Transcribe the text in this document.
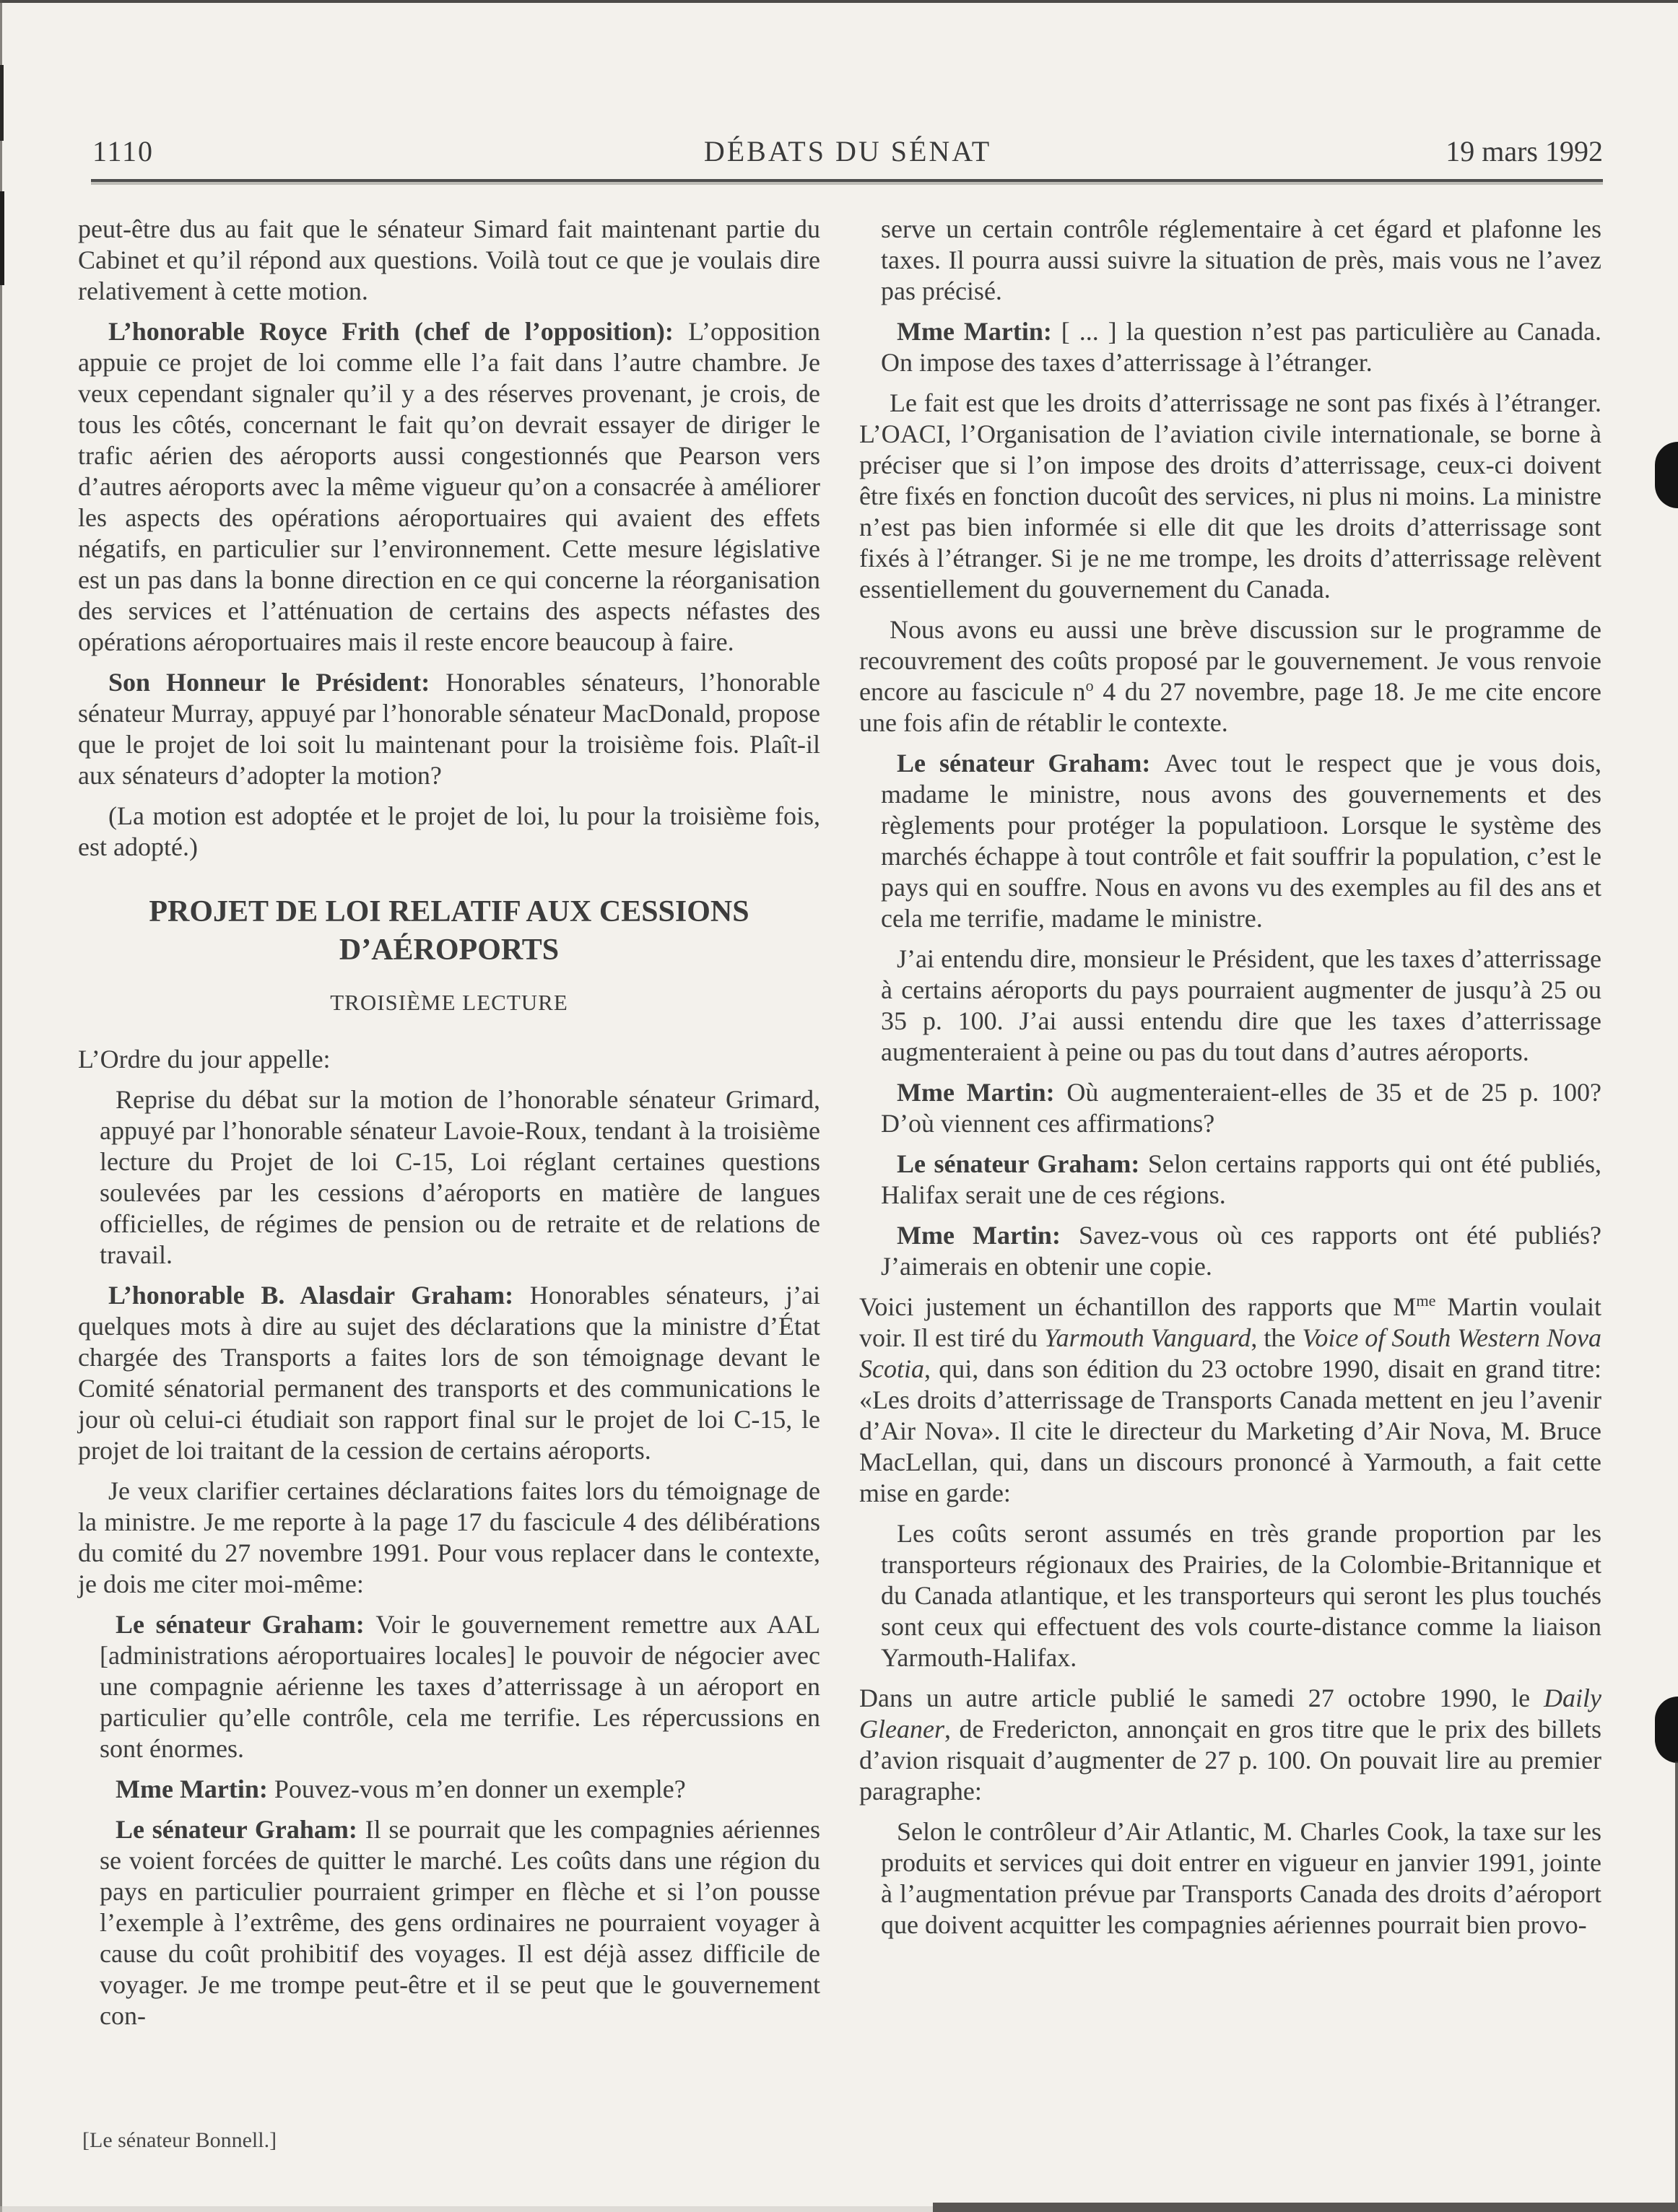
1110	DÉBATS DU SÉNAT	19 mars 1992

peut-être dus au fait que le sénateur Simard fait maintenant partie du Cabinet et qu’il répond aux questions. Voilà tout ce que je voulais dire relativement à cette motion.

L’honorable Royce Frith (chef de l’opposition): L’opposition appuie ce projet de loi comme elle l’a fait dans l’autre chambre. Je veux cependant signaler qu’il y a des réserves provenant, je crois, de tous les côtés, concernant le fait qu’on devrait essayer de diriger le trafic aérien des aéroports aussi congestionnés que Pearson vers d’autres aéroports avec la même vigueur qu’on a consacrée à améliorer les aspects des opérations aéroportuaires qui avaient des effets négatifs, en particulier sur l’environnement. Cette mesure législative est un pas dans la bonne direction en ce qui concerne la réorganisation des services et l’atténuation de certains des aspects néfastes des opérations aéroportuaires mais il reste encore beaucoup à faire.

Son Honneur le Président: Honorables sénateurs, l’honorable sénateur Murray, appuyé par l’honorable sénateur MacDonald, propose que le projet de loi soit lu maintenant pour la troisième fois. Plaît-il aux sénateurs d’adopter la motion?

(La motion est adoptée et le projet de loi, lu pour la troisième fois, est adopté.)

PROJET DE LOI RELATIF AUX CESSIONS D’AÉROPORTS

TROISIÈME LECTURE

L’Ordre du jour appelle:

Reprise du débat sur la motion de l’honorable sénateur Grimard, appuyé par l’honorable sénateur Lavoie-Roux, tendant à la troisième lecture du Projet de loi C-15, Loi réglant certaines questions soulevées par les cessions d’aéroports en matière de langues officielles, de régimes de pension ou de retraite et de relations de travail.

L’honorable B. Alasdair Graham: Honorables sénateurs, j’ai quelques mots à dire au sujet des déclarations que la ministre d’État chargée des Transports a faites lors de son témoignage devant le Comité sénatorial permanent des transports et des communications le jour où celui-ci étudiait son rapport final sur le projet de loi C-15, le projet de loi traitant de la cession de certains aéroports.

Je veux clarifier certaines déclarations faites lors du témoignage de la ministre. Je me reporte à la page 17 du fascicule 4 des délibérations du comité du 27 novembre 1991. Pour vous replacer dans le contexte, je dois me citer moi-même:

Le sénateur Graham: Voir le gouvernement remettre aux AAL [administrations aéroportuaires locales] le pouvoir de négocier avec une compagnie aérienne les taxes d’atterrissage à un aéroport en particulier qu’elle contrôle, cela me terrifie. Les répercussions en sont énormes.

Mme Martin: Pouvez-vous m’en donner un exemple?

Le sénateur Graham: Il se pourrait que les compagnies aériennes se voient forcées de quitter le marché. Les coûts dans une région du pays en particulier pourraient grimper en flèche et si l’on pousse l’exemple à l’extrême, des gens ordinaires ne pourraient voyager à cause du coût prohibitif des voyages. Il est déjà assez difficile de voyager. Je me trompe peut-être et il se peut que le gouvernement con-

serve un certain contrôle réglementaire à cet égard et plafonne les taxes. Il pourra aussi suivre la situation de près, mais vous ne l’avez pas précisé.

Mme Martin: [ ... ] la question n’est pas particulière au Canada. On impose des taxes d’atterrissage à l’étranger.

Le fait est que les droits d’atterrissage ne sont pas fixés à l’étranger. L’OACI, l’Organisation de l’aviation civile internationale, se borne à préciser que si l’on impose des droits d’atterrissage, ceux-ci doivent être fixés en fonction ducoût des services, ni plus ni moins. La ministre n’est pas bien informée si elle dit que les droits d’atterrissage sont fixés à l’étranger. Si je ne me trompe, les droits d’atterrissage relèvent essentiellement du gouvernement du Canada.

Nous avons eu aussi une brève discussion sur le programme de recouvrement des coûts proposé par le gouvernement. Je vous renvoie encore au fascicule $n^o$ 4 du 27 novembre, page 18. Je me cite encore une fois afin de rétablir le contexte.

Le sénateur Graham: Avec tout le respect que je vous dois, madame le ministre, nous avons des gouvernements et des règlements pour protéger la populatioon. Lorsque le système des marchés échappe à tout contrôle et fait souffrir la population, c’est le pays qui en souffre. Nous en avons vu des exemples au fil des ans et cela me terrifie, madame le ministre.

J’ai entendu dire, monsieur le Président, que les taxes d’atterrissage à certains aéroports du pays pourraient augmenter de jusqu’à 25 ou 35 p. 100. J’ai aussi entendu dire que les taxes d’atterrissage augmenteraient à peine ou pas du tout dans d’autres aéroports.

Mme Martin: Où augmenteraient-elles de 35 et de 25 p. 100? D’où viennent ces affirmations?

Le sénateur Graham: Selon certains rapports qui ont été publiés, Halifax serait une de ces régions.

Mme Martin: Savez-vous où ces rapports ont été publiés? J’aimerais en obtenir une copie.

Voici justement un échantillon des rapports que $M^{me}$ Martin voulait voir. Il est tiré du Yarmouth Vanguard, the Voice of South Western Nova Scotia, qui, dans son édition du 23 octobre 1990, disait en grand titre: «Les droits d’atterrissage de Transports Canada mettent en jeu l’avenir d’Air Nova». Il cite le directeur du Marketing d’Air Nova, M. Bruce MacLellan, qui, dans un discours prononcé à Yarmouth, a fait cette mise en garde:

Les coûts seront assumés en très grande proportion par les transporteurs régionaux des Prairies, de la Colombie-Britannique et du Canada atlantique, et les transporteurs qui seront les plus touchés sont ceux qui effectuent des vols courte-distance comme la liaison Yarmouth-Halifax.

Dans un autre article publié le samedi 27 octobre 1990, le Daily Gleaner, de Fredericton, annonçait en gros titre que le prix des billets d’avion risquait d’augmenter de 27 p. 100. On pouvait lire au premier paragraphe:

Selon le contrôleur d’Air Atlantic, M. Charles Cook, la taxe sur les produits et services qui doit entrer en vigueur en janvier 1991, jointe à l’augmentation prévue par Transports Canada des droits d’aéroport que doivent acquitter les compagnies aériennes pourrait bien provo-

[Le sénateur Bonnell.]
